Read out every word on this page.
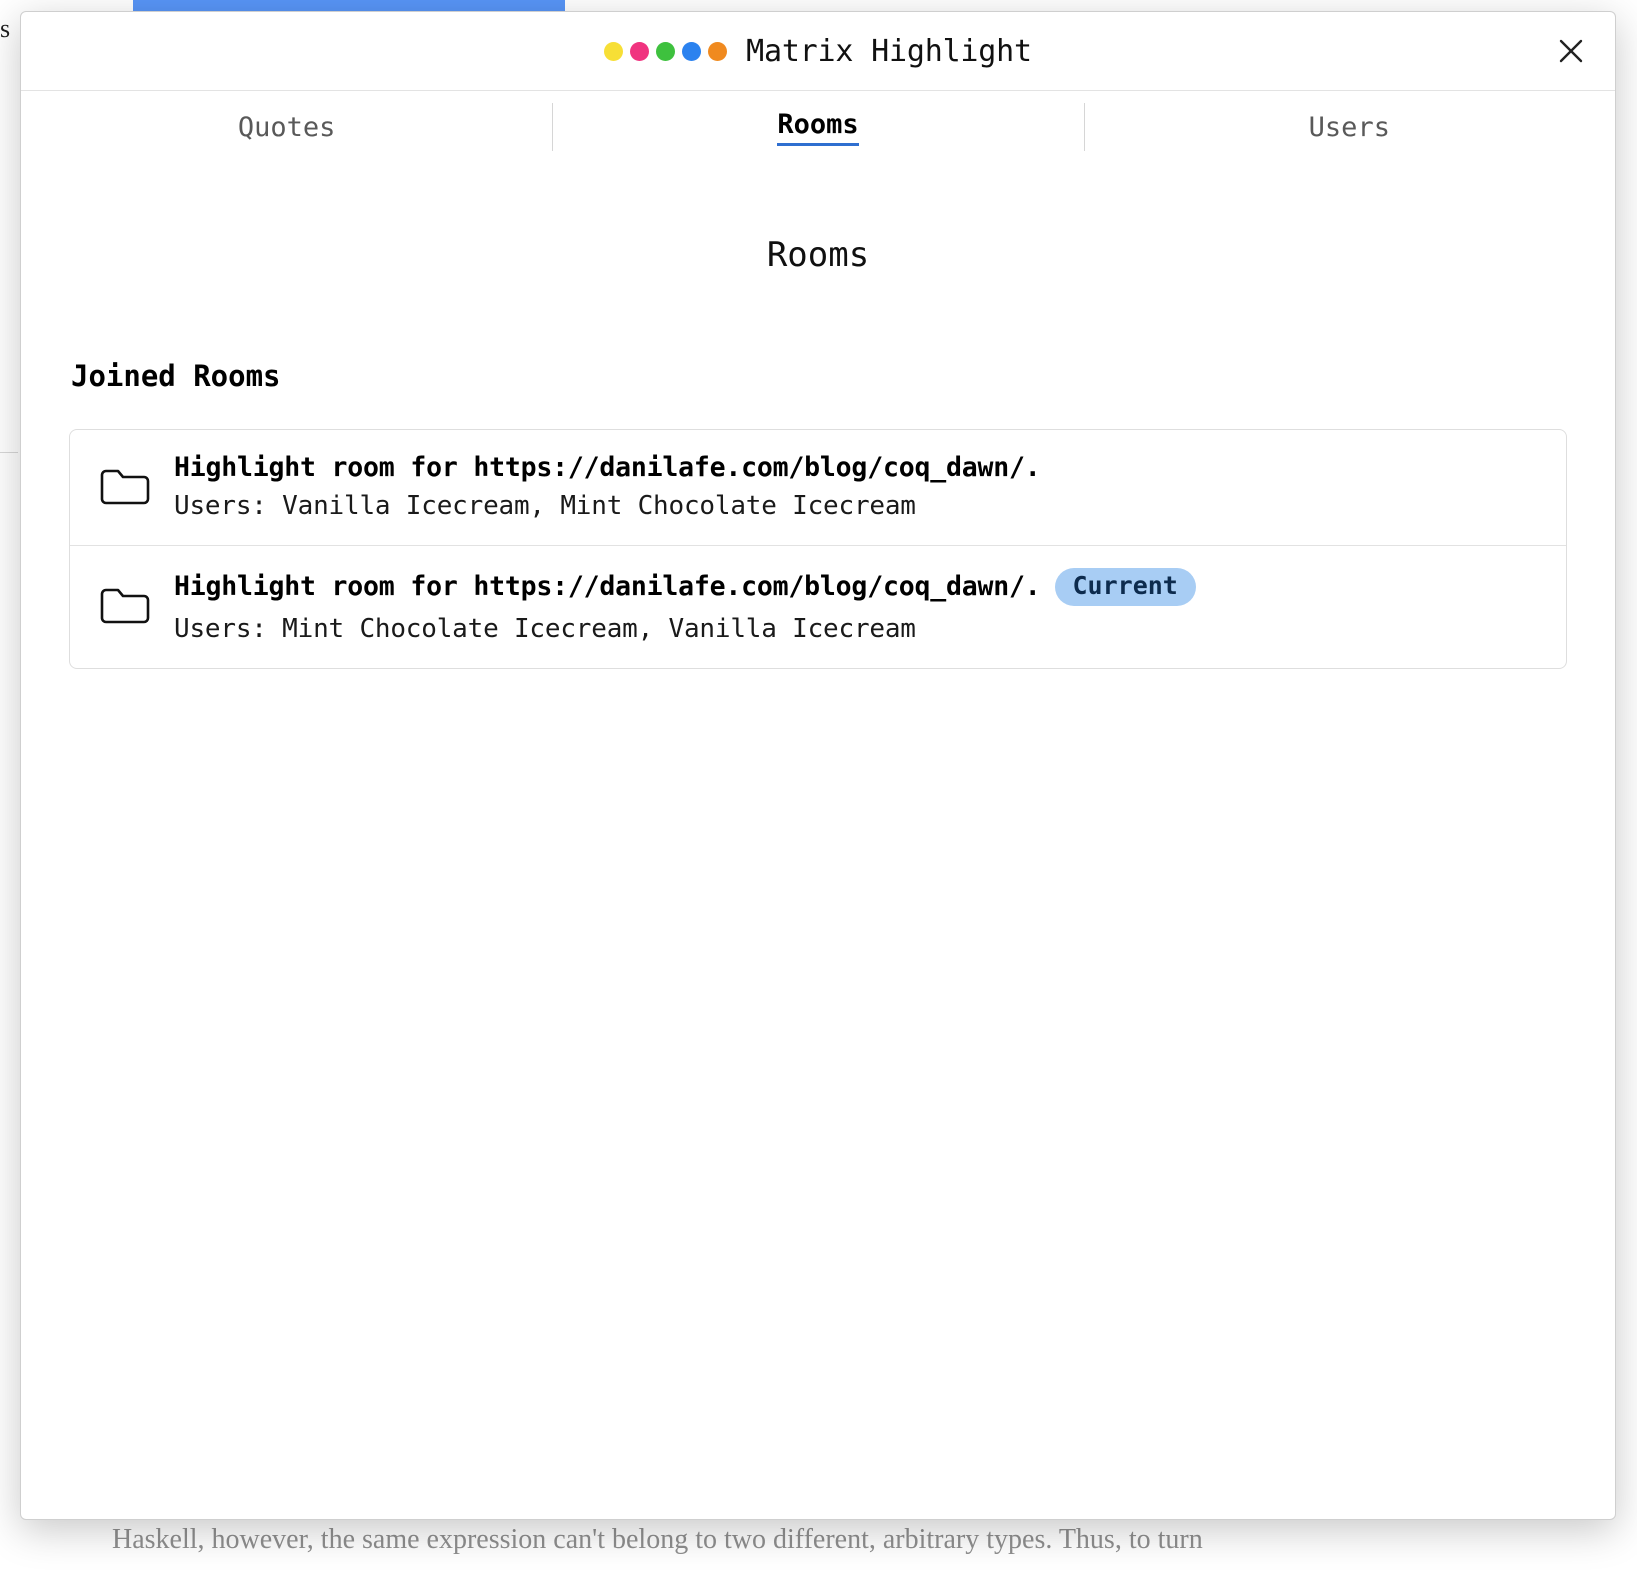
s
Haskell, however, the same expression can't belong to two different, arbitrary types. Thus, to turn
Matrix Highlight
Quotes	Rooms	Users
Rooms
Joined Rooms
Highlight room for https://danilafe.com/blog/coq_dawn/.
Users: Vanilla Icecream, Mint Chocolate Icecream
Highlight room for https://danilafe.com/blog/coq_dawn/.	Current
Users: Mint Chocolate Icecream, Vanilla Icecream
